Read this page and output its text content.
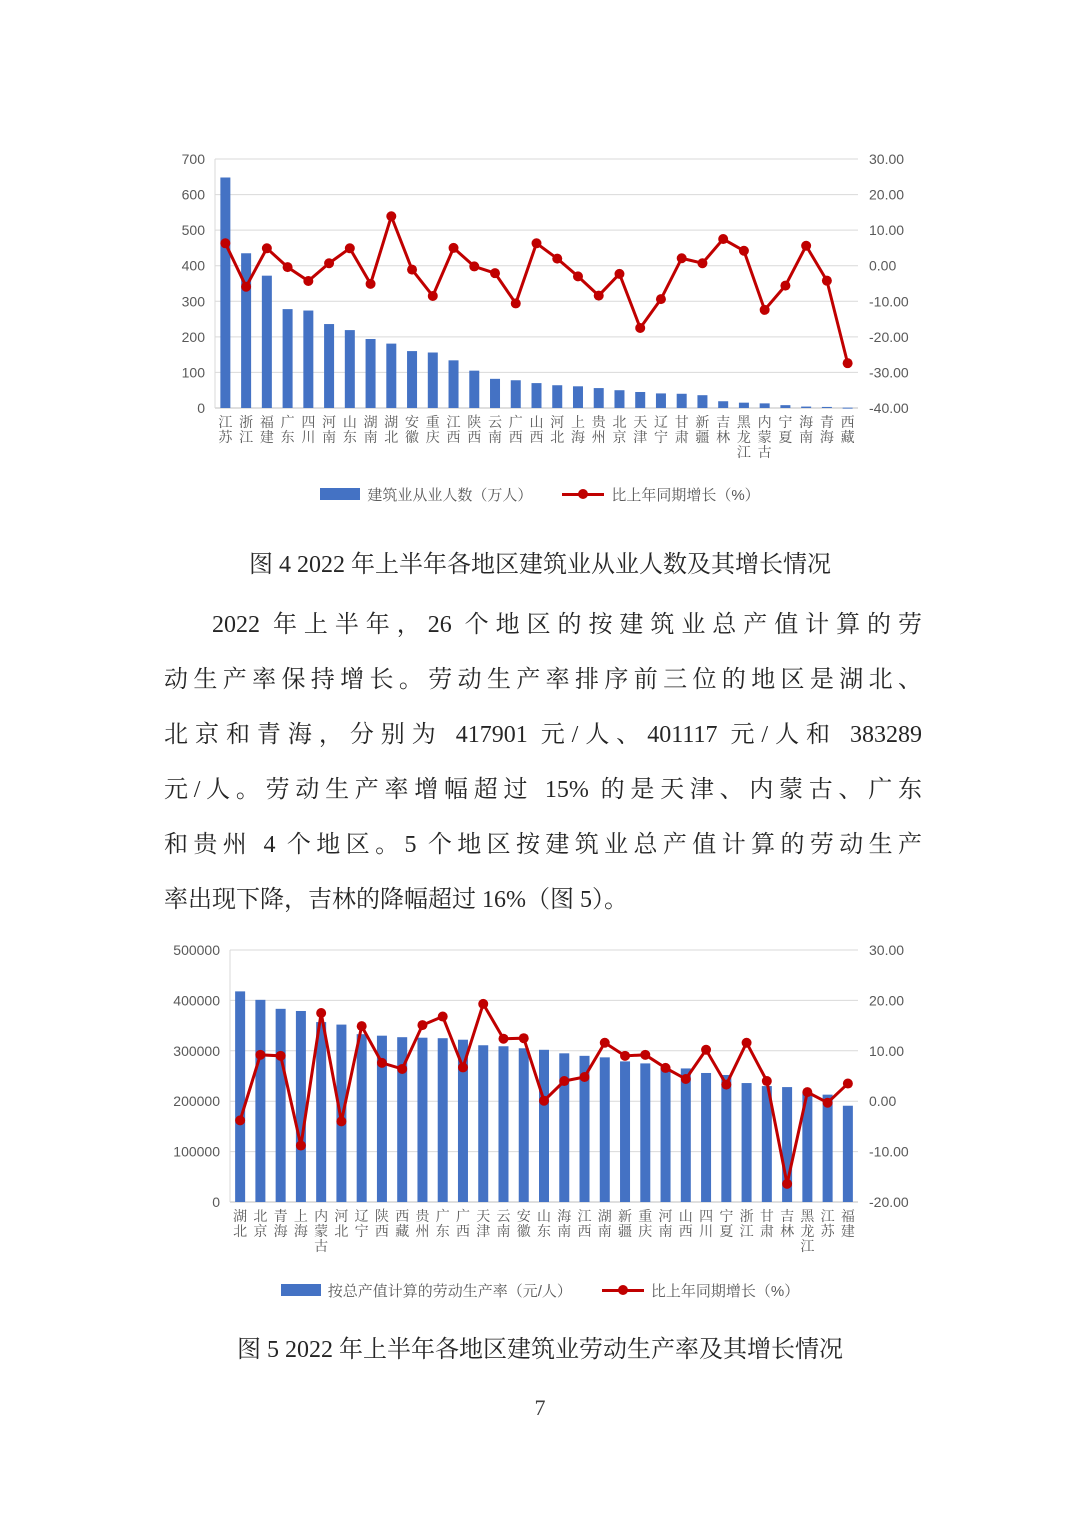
700
600
500
400
300
200
100
0
30.00
20.00
10.00
0.00
-10.00
-20.00
-30.00
-40.00
江
苏
浙
江
福
建
广
东
四
川
河
南
山
东
湖
南
湖
北
安
徽
重
庆
江
西
陕
西
云
南
广
西
山
西
河
北
上
海
贵
州
北
京
天
津
辽
宁
甘
肃
新
疆
吉
林
黑
龙
江
内
蒙
古
宁
夏
海
南
青
海
西
藏
建筑业从业人数（万人）	比上年同期增长（%）

图 4 2022 年上半年各地区建筑业从业人数及其增长情况

2022 年上半年，26 个地区的按建筑业总产值计算的劳

动生产率保持增长。劳动生产率排序前三位的地区是湖北、

北京和青海，分别为 417901 元/人、401117 元/人和 383289

元/人。劳动生产率增幅超过 15% 的是天津、内蒙古、广东

和贵州 4 个地区。5 个地区按建筑业总产值计算的劳动生产

率出现下降，吉林的降幅超过 16%（图 5）。

500000
400000
300000
200000
100000
0
30.00
20.00
10.00
0.00
-10.00
-20.00
湖
北
北
京
青
海
上
海
内
蒙
古
河
北
辽
宁
陕
西
西
藏
贵
州
广
东
广
西
天
津
云
南
安
徽
山
东
海
南
江
西
湖
南
新
疆
重
庆
河
南
山
西
四
川
宁
夏
浙
江
甘
肃
吉
林
黑
龙
江
江
苏
福
建
按总产值计算的劳动生产率（元/人）	比上年同期增长（%）

图 5 2022 年上半年各地区建筑业劳动生产率及其增长情况

7
